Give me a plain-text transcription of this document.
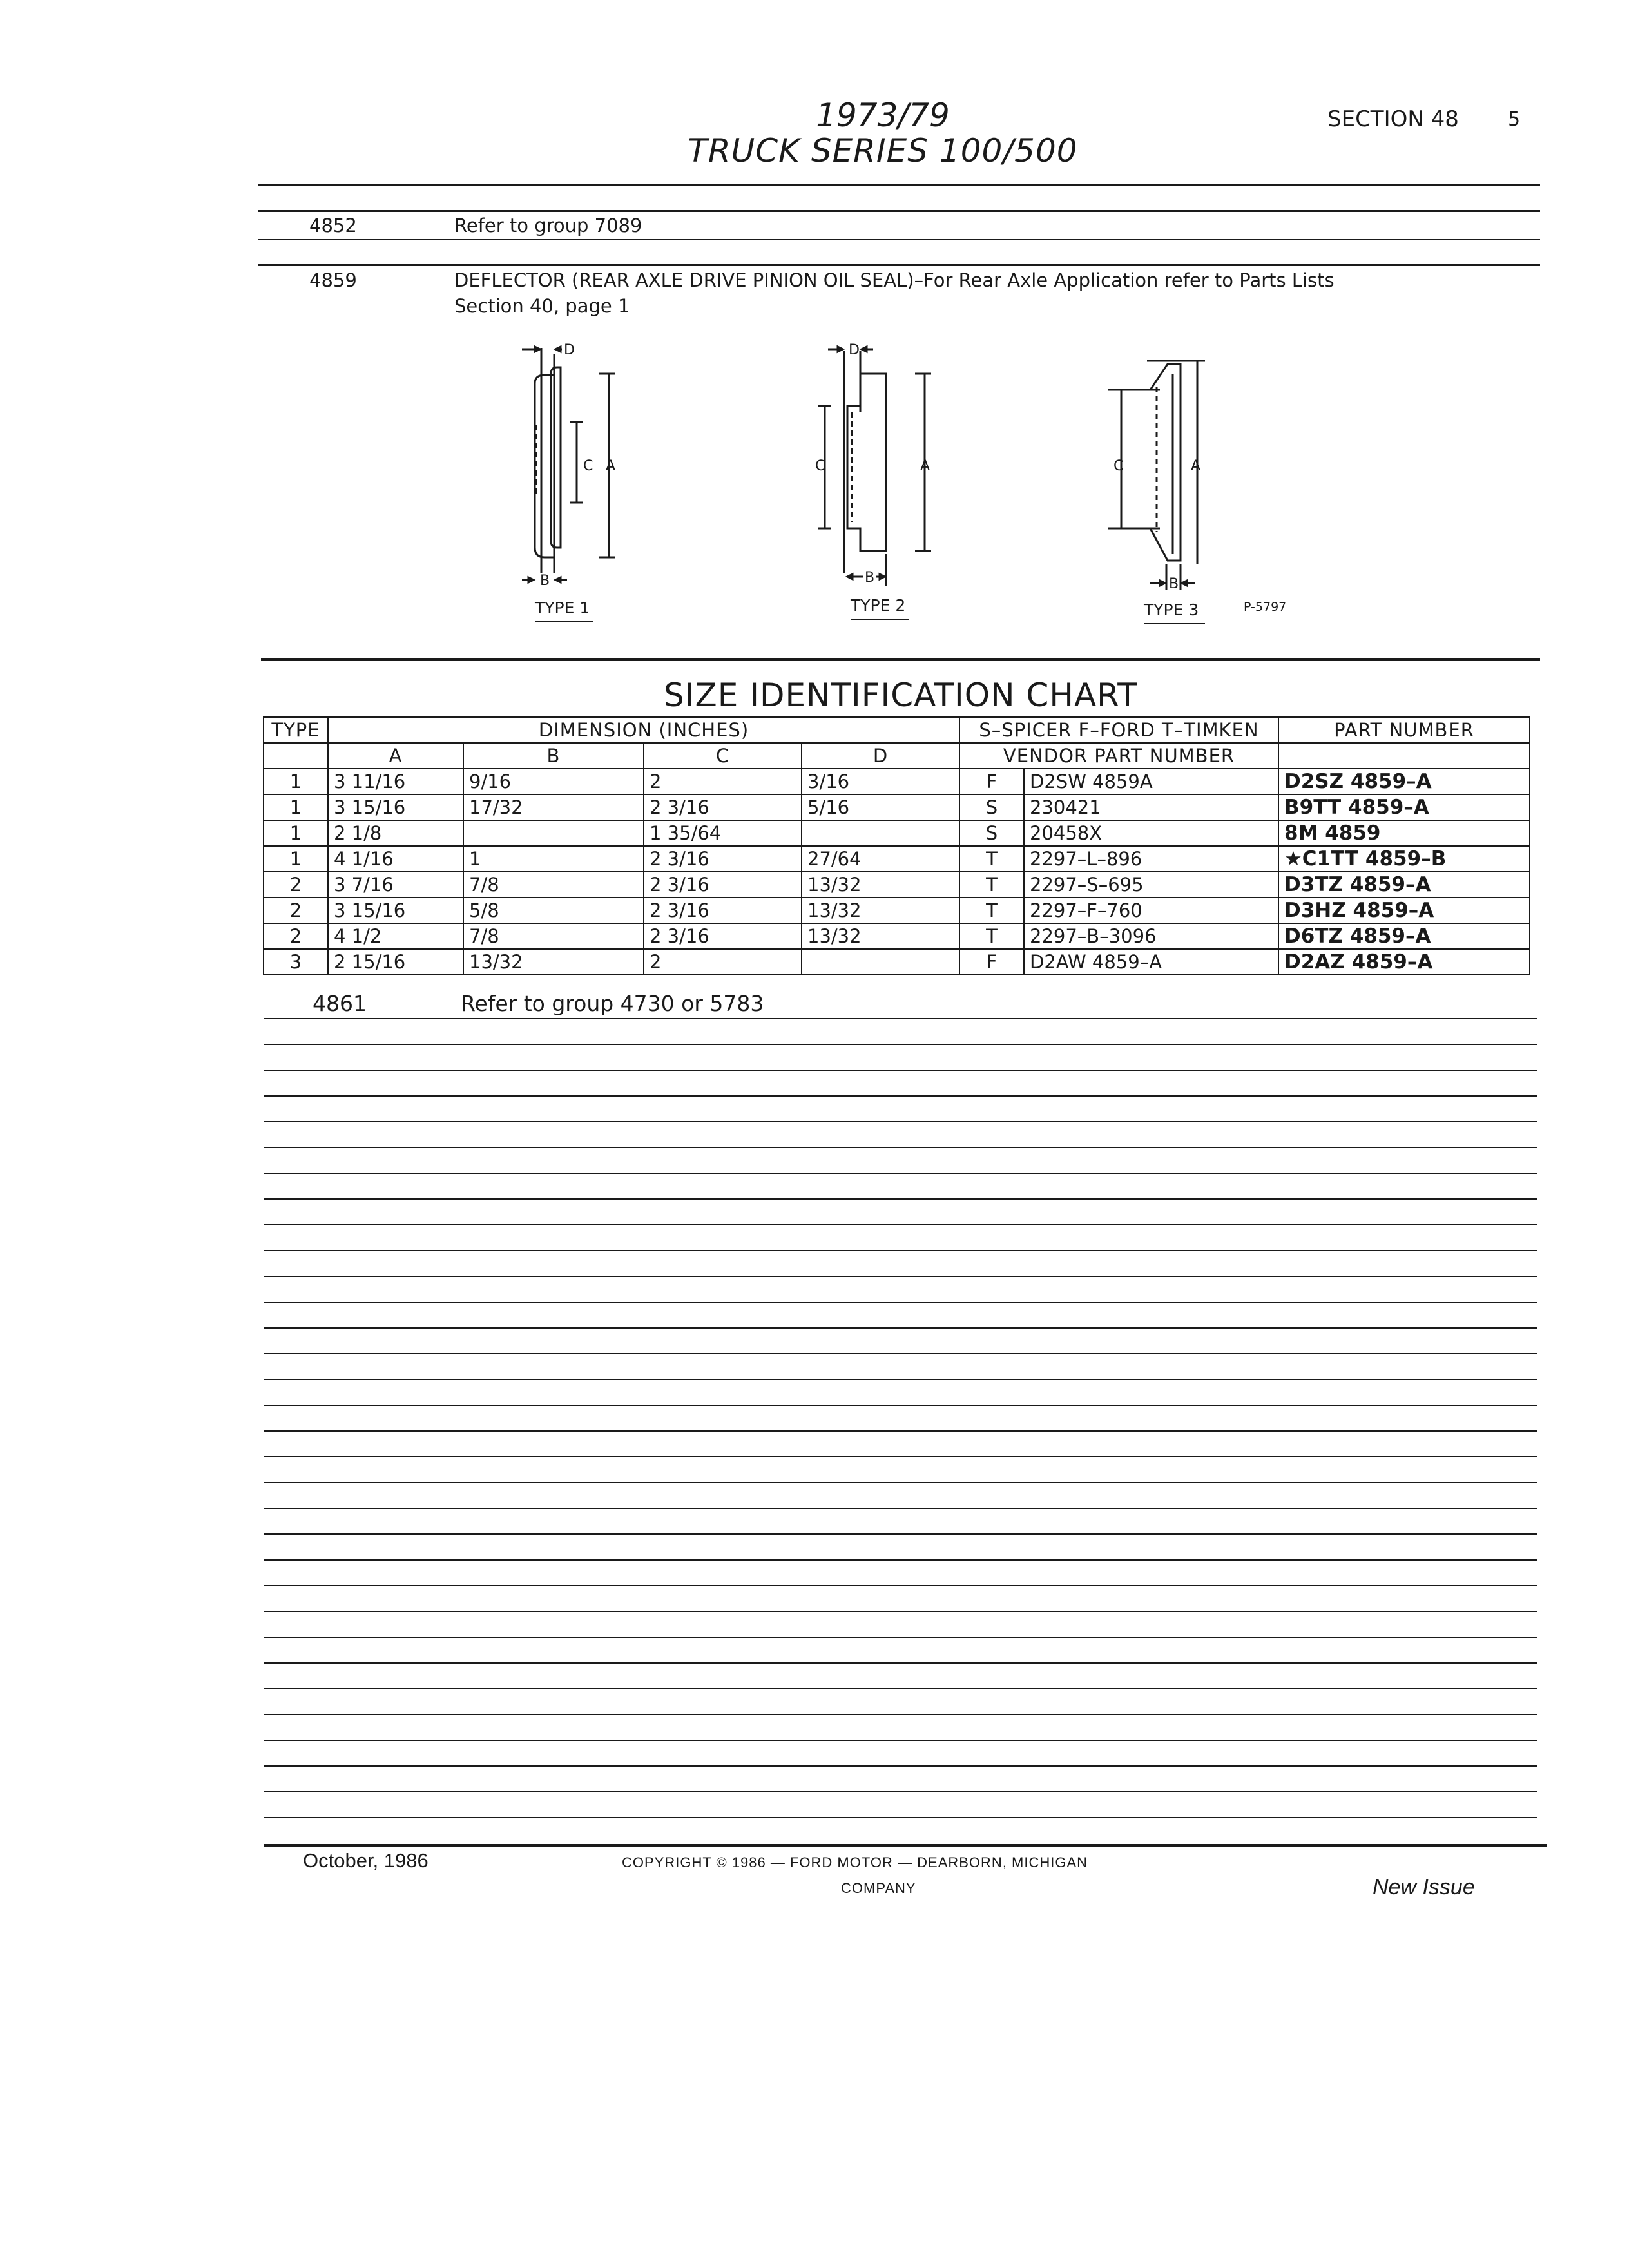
1973/79
TRUCK SERIES 100/500
SECTION 48	5
4852	Refer to group 7089
4859	DEFLECTOR (REAR AXLE DRIVE PINION OIL SEAL)–For Rear Axle Application refer to Parts Lists
Section 40, page 1
D
C A
B
TYPE 1
D
C	A
B
TYPE 2
C	A
B
TYPE 3	P-5797
SIZE IDENTIFICATION CHART
TYPE	DIMENSION (INCHES)				S–SPICER F–FORD T–TIMKEN		PART NUMBER
	A	B	C	D	VENDOR PART NUMBER		
1	3 11/16	9/16	2	3/16	F	D2SW 4859A	D2SZ 4859–A
1	3 15/16	17/32	2 3/16	5/16	S	230421	B9TT 4859–A
1	2 1/8		1 35/64		S	20458X	8M 4859
1	4 1/16	1	2 3/16	27/64	T	2297–L–896	★C1TT 4859–B
2	3 7/16	7/8	2 3/16	13/32	T	2297–S–695	D3TZ 4859–A
2	3 15/16	5/8	2 3/16	13/32	T	2297–F–760	D3HZ 4859–A
2	4 1/2	7/8	2 3/16	13/32	T	2297–B–3096	D6TZ 4859–A
3	2 15/16	13/32	2		F	D2AW 4859–A	D2AZ 4859–A
4861	Refer to group 4730 or 5783
October, 1986	COPYRIGHT © 1986 — FORD MOTOR — DEARBORN, MICHIGAN
COMPANY	New Issue
